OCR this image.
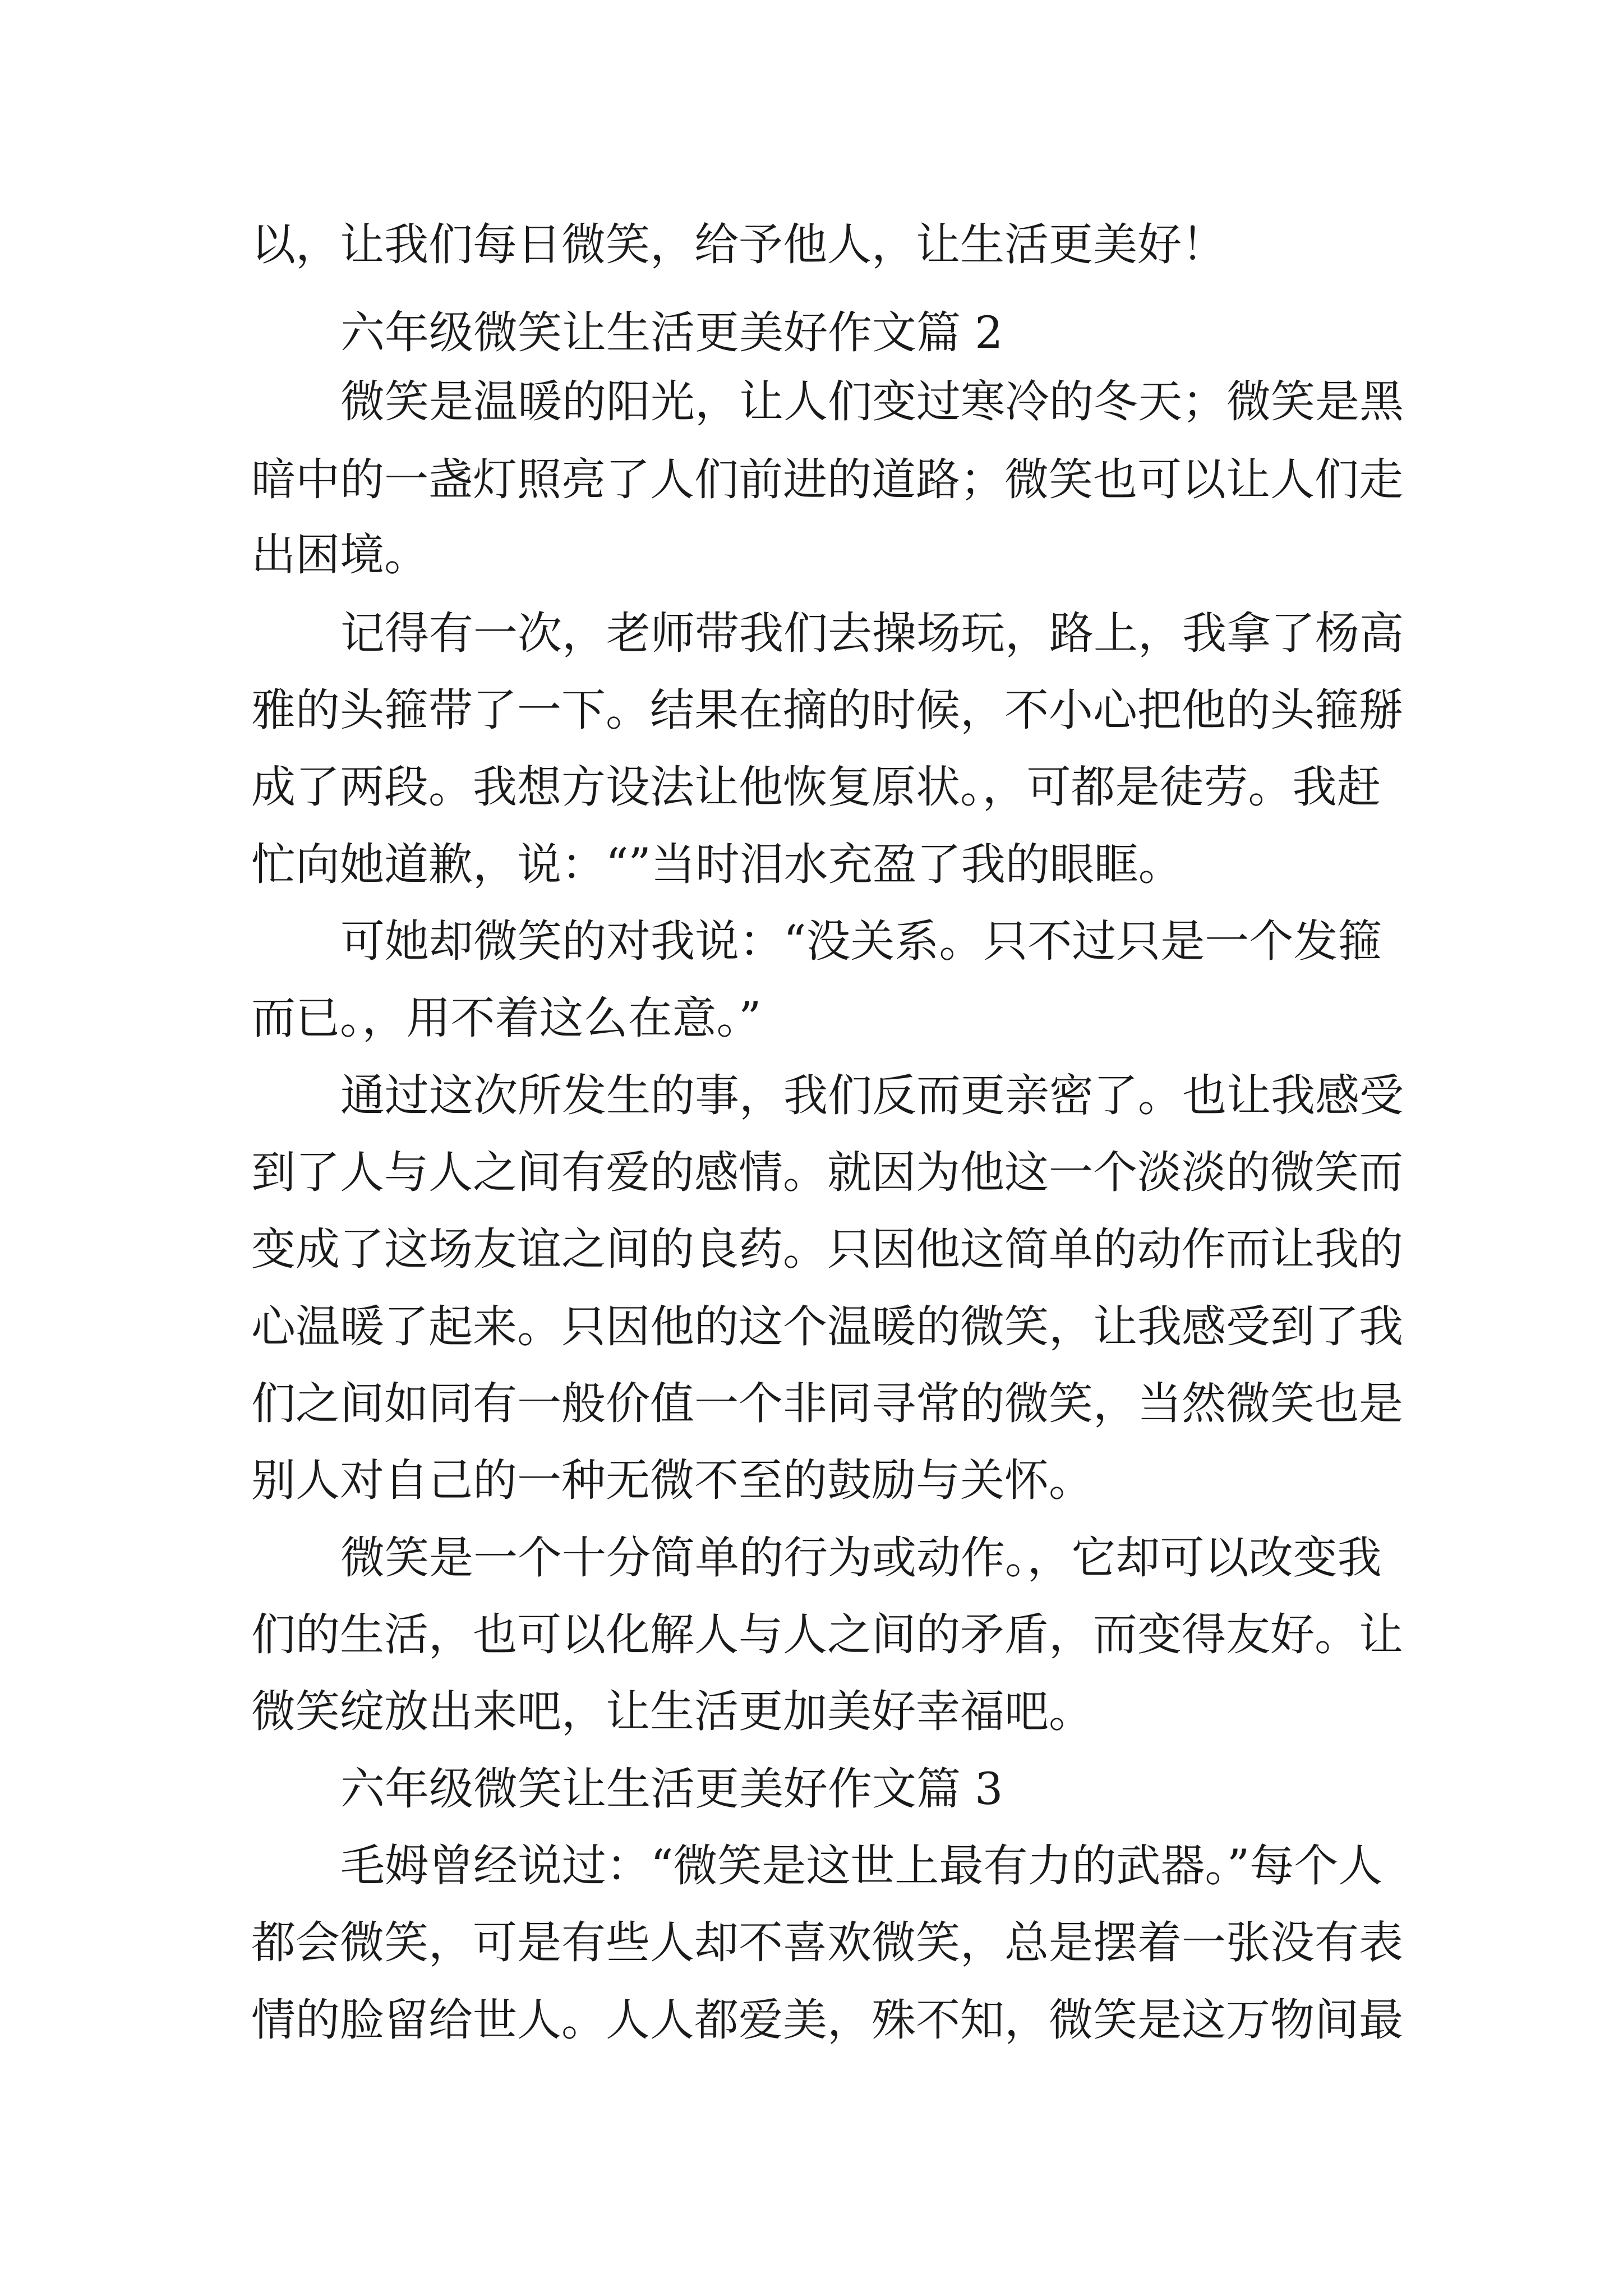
以，让我们每日微笑，给予他人，让生活更美好！
六年级微笑让生活更美好作文篇 2
微笑是温暖的阳光，让人们变过寒冷的冬天；微笑是黑
暗中的一盏灯照亮了人们前进的道路；微笑也可以让人们走
出困境。
记得有一次，老师带我们去操场玩，路上，我拿了杨高
雅的头箍带了一下。结果在摘的时候，不小心把他的头箍掰
成了两段。我想方设法让他恢复原状。，可都是徒劳。我赶
忙向她道歉，说：“”当时泪水充盈了我的眼眶。
可她却微笑的对我说：“没关系。只不过只是一个发箍
而已。，用不着这么在意。”
通过这次所发生的事，我们反而更亲密了。也让我感受
到了人与人之间有爱的感情。就因为他这一个淡淡的微笑而
变成了这场友谊之间的良药。只因他这简单的动作而让我的
心温暖了起来。只因他的这个温暖的微笑，让我感受到了我
们之间如同有一般价值一个非同寻常的微笑，当然微笑也是
别人对自己的一种无微不至的鼓励与关怀。
微笑是一个十分简单的行为或动作。，它却可以改变我
们的生活，也可以化解人与人之间的矛盾，而变得友好。让
微笑绽放出来吧，让生活更加美好幸福吧。
六年级微笑让生活更美好作文篇 3
毛姆曾经说过：“微笑是这世上最有力的武器。”每个人
都会微笑，可是有些人却不喜欢微笑，总是摆着一张没有表
情的脸留给世人。人人都爱美，殊不知，微笑是这万物间最
